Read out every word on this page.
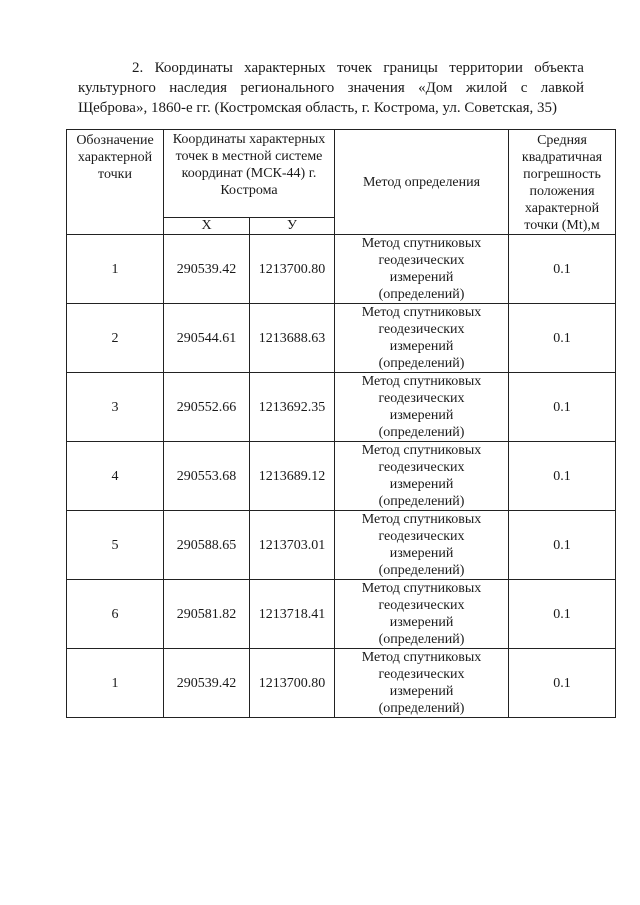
2. Координаты характерных точек границы территории объекта
культурного наследия регионального значения «Дом жилой с лавкой
Щеброва»,
1860-е
гг.
(Костромская
область,
г.
Кострома,
ул.
Советская,
35)
Обозначение характерной точки	Координаты характерных точек в местной системе координат (МСК-44) г. Кострома		Метод определения	Средняя квадратичная погрешность положения характерной точки (Mt),м
	Х	У		
1	290539.42	1213700.80	Метод спутниковых
геодезических
измерений
(определений)	0.1
2	290544.61	1213688.63	Метод спутниковых
геодезических
измерений
(определений)	0.1
3	290552.66	1213692.35	Метод спутниковых
геодезических
измерений
(определений)	0.1
4	290553.68	1213689.12	Метод спутниковых
геодезических
измерений
(определений)	0.1
5	290588.65	1213703.01	Метод спутниковых
геодезических
измерений
(определений)	0.1
6	290581.82	1213718.41	Метод спутниковых
геодезических
измерений
(определений)	0.1
1	290539.42	1213700.80	Метод спутниковых
геодезических
измерений
(определений)	0.1
